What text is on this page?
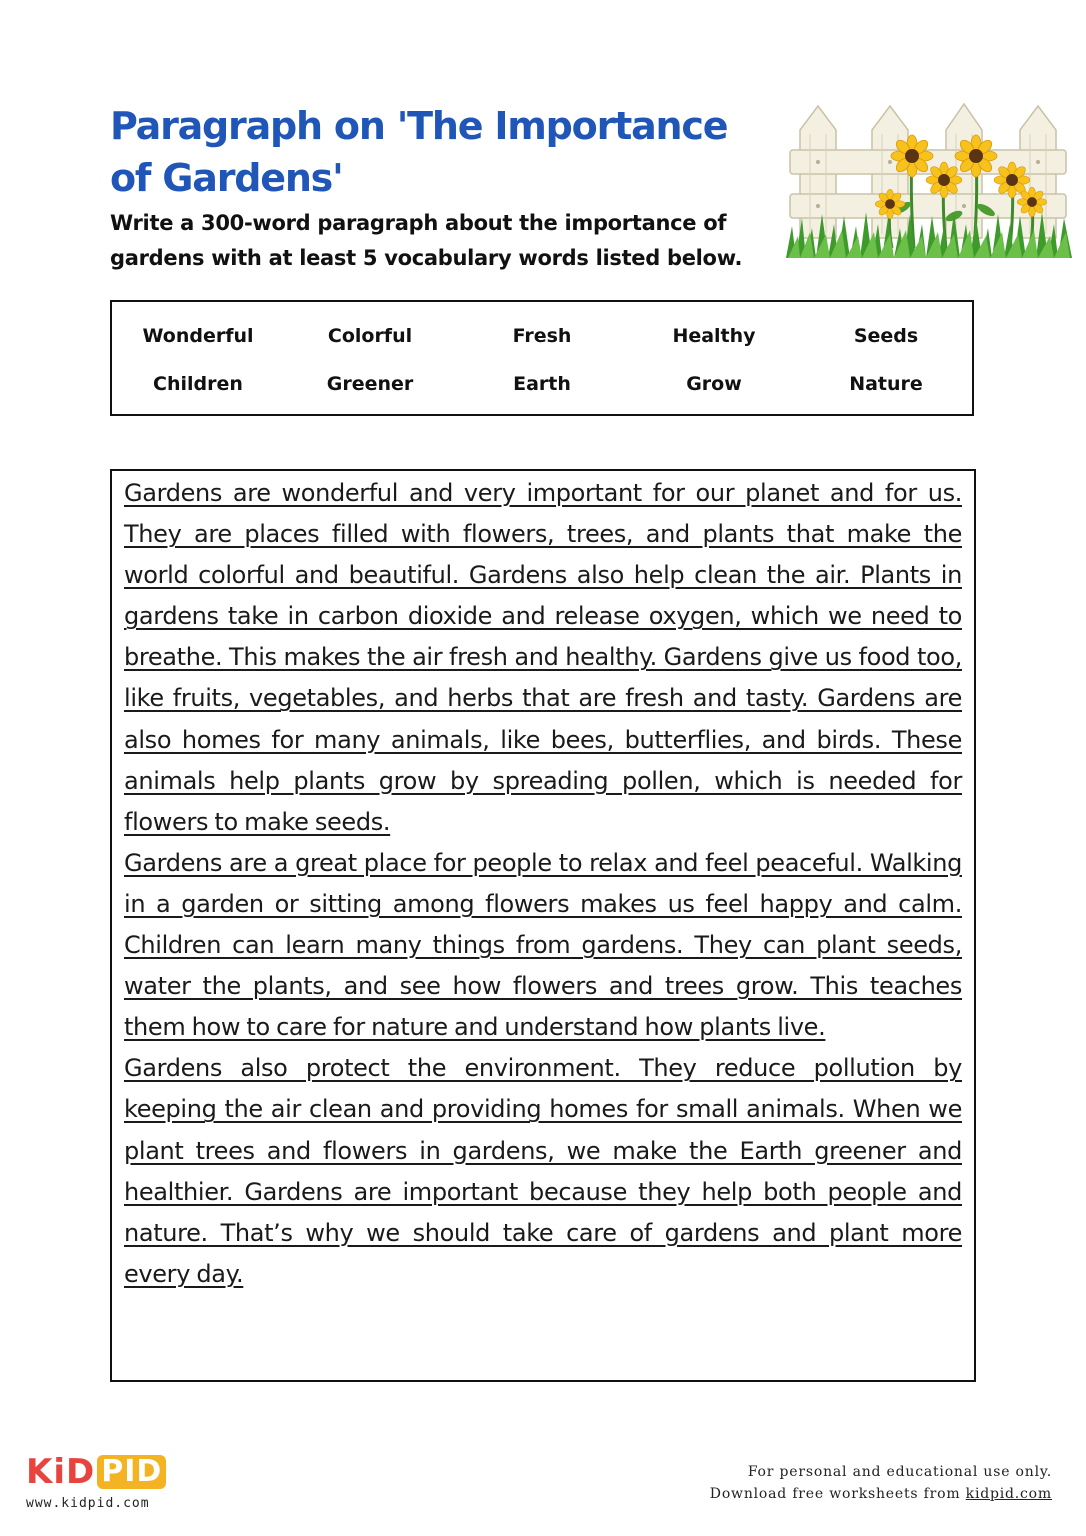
Paragraph on 'The Importance of Gardens'

Write a 300-word paragraph about the importance of gardens with at least 5 vocabulary words listed below.

Wonderful	Colorful	Fresh	Healthy	Seeds
Children	Greener	Earth	Grow	Nature

Gardens are wonderful and very important for our planet and for us. They are places filled with flowers, trees, and plants that make the world colorful and beautiful. Gardens also help clean the air. Plants in gardens take in carbon dioxide and release oxygen, which we need to breathe. This makes the air fresh and healthy. Gardens give us food too, like fruits, vegetables, and herbs that are fresh and tasty. Gardens are also homes for many animals, like bees, butterflies, and birds. These animals help plants grow by spreading pollen, which is needed for flowers to make seeds.

Gardens are a great place for people to relax and feel peaceful. Walking in a garden or sitting among flowers makes us feel happy and calm. Children can learn many things from gardens. They can plant seeds, water the plants, and see how flowers and trees grow. This teaches them how to care for nature and understand how plants live.

Gardens also protect the environment. They reduce pollution by keeping the air clean and providing homes for small animals. When we plant trees and flowers in gardens, we make the Earth greener and healthier. Gardens are important because they help both people and nature. That’s why we should take care of gardens and plant more every day.

KiD PID
www.kidpid.com
For personal and educational use only.
Download free worksheets from kidpid.com
